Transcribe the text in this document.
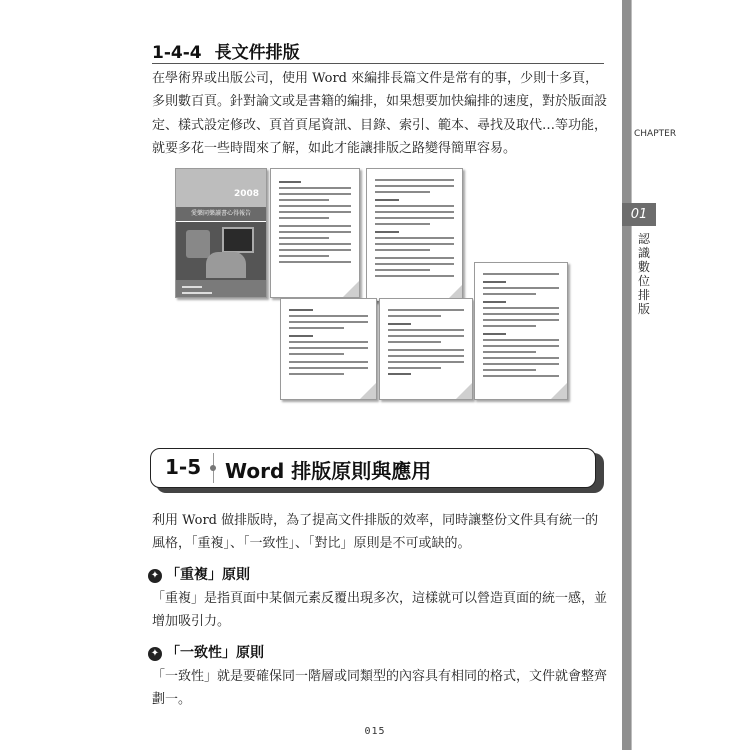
CHAPTER
01
認識數位排版
1-4-4 長文件排版

在學術界或出版公司，使用 Word 來編排長篇文件是常有的事，少則十多頁，多則數百頁。針對論文或是書籍的編排，如果想要加快編排的速度，對於版面設定、樣式設定修改、頁首頁尾資訊、目錄、索引、範本、尋找及取代…等功能，就要多花一些時間來了解，如此才能讓排版之路變得簡單容易。

2008
愛樂同樂讀書心得報告
1-5 Word 排版原則與應用

利用 Word 做排版時，為了提高文件排版的效率，同時讓整份文件具有統一的風格，「重複」、「一致性」、「對比」原則是不可或缺的。

✦ 「重複」原則

「重複」是指頁面中某個元素反覆出現多次，這樣就可以營造頁面的統一感，並增加吸引力。

✦ 「一致性」原則

「一致性」就是要確保同一階層或同類型的內容具有相同的格式，文件就會整齊劃一。

015
